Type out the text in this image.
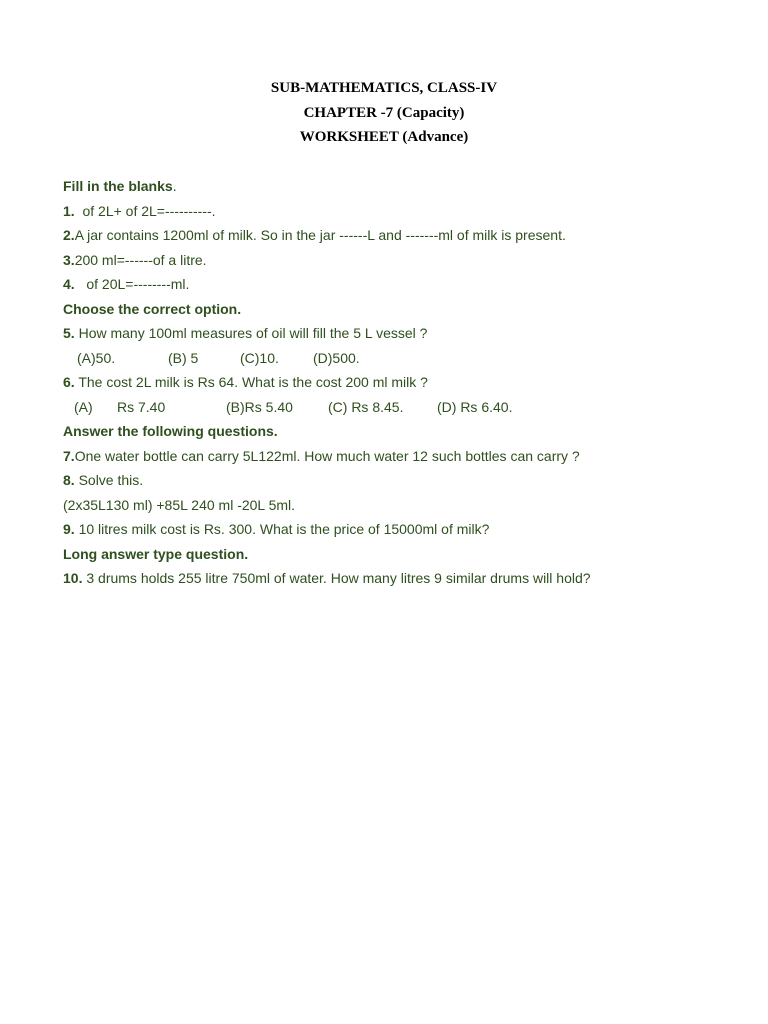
SUB-MATHEMATICS, CLASS-IV
CHAPTER -7 (Capacity)
WORKSHEET (Advance)
Fill in the blanks.
1.  of 2L+ of 2L=----------.
2.A jar contains 1200ml of milk. So in the jar ------L and -------ml of milk is present.
3.200 ml=------of a litre.
4.   of 20L=--------ml.
Choose the correct option.
5. How many 100ml measures of oil will fill the 5 L vessel ?
(A)50.	(B) 5	(C)10. (D)500.
6. The cost 2L milk is Rs 64. What is the cost 200 ml milk ?
(A) Rs 7.40	(B)Rs 5.40	(C) Rs 8.45. (D) Rs 6.40.
Answer the following questions.
7.One water bottle can carry 5L122ml. How much water 12 such bottles can carry ?
8. Solve this.
(2x35L130 ml) +85L 240 ml -20L 5ml.
9. 10 litres milk cost is Rs. 300. What is the price of 15000ml of milk?
Long answer type question.
10. 3 drums holds 255 litre 750ml of water. How many litres 9 similar drums will hold?
